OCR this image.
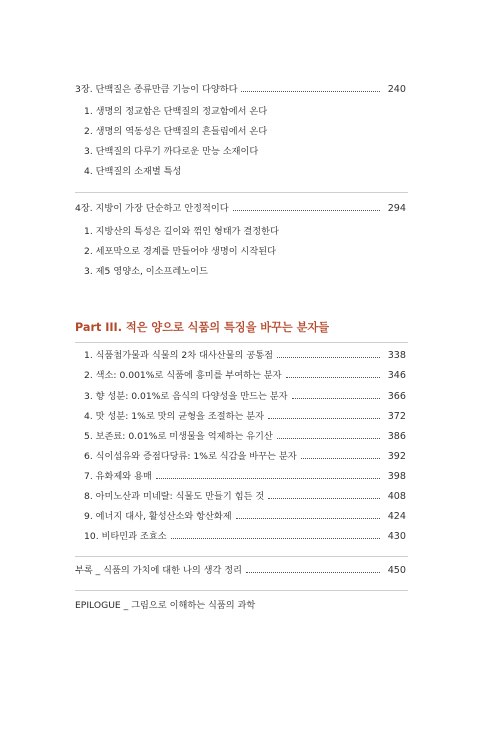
3장. 단백질은 종류만큼 기능이 다양하다	240
1. 생명의 정교함은 단백질의 정교함에서 온다
2. 생명의 역동성은 단백질의 흔들림에서 온다
3. 단백질의 다루기 까다로운 만능 소재이다
4. 단백질의 소재별 특성
4장. 지방이 가장 단순하고 안정적이다	294
1. 지방산의 특성은 길이와 꺾인 형태가 결정한다
2. 세포막으로 경계를 만들어야 생명이 시작된다
3. 제5 영양소, 이소프레노이드
Part III. 적은 양으로 식품의 특징을 바꾸는 분자들
1. 식품첨가물과 식물의 2차 대사산물의 공통점	338
2. 색소: 0.001%로 식품에 흥미를 부여하는 분자	346
3. 향 성분: 0.01%로 음식의 다양성을 만드는 분자	366
4. 맛 성분: 1%로 맛의 균형을 조절하는 분자	372
5. 보존료: 0.01%로 미생물을 억제하는 유기산	386
6. 식이섬유와 증점다당류: 1%로 식감을 바꾸는 분자	392
7. 유화제와 용매	398
8. 아미노산과 미네랄: 식물도 만들기 힘든 것	408
9. 에너지 대사, 활성산소와 항산화제	424
10. 비타민과 조효소	430
부록 _ 식품의 가치에 대한 나의 생각 정리	450
EPILOGUE _ 그림으로 이해하는 식품의 과학
